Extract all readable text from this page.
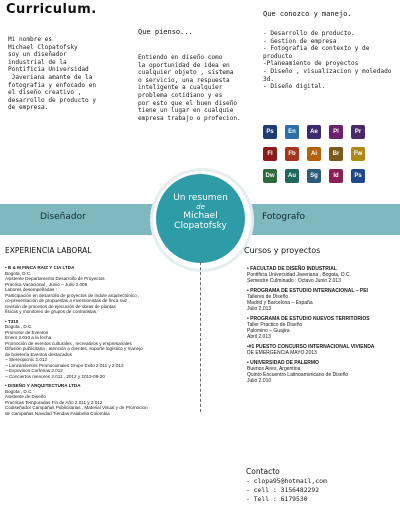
Curriculum.
Mi nombre es
Michael Clopatofsky
soy un diseñador
industrial de la
Pontificia Universidad
Javeriana amante de la
fotografia y enfocado en
el diseño creativo ,
desarrollo de producto y
de empresa.
Que pienso...
Entiendo en diseño como
la oportunidad de idea en
cualquier objeto , sistema
o servicio, una respuesta
inteligente a cualquier
problema cotidiano y es
por esto que el buen diseño
tiene un lugar en cualquie
empresa trabajo o profecion.
Que conozco y manejo.
- Desarrollo de producto.
- Gestion de empresa
- Fotografia de contexto y de
producto
-Planeamiento de proyectos
- Diseño , visualizacion y moledado
3d.
- Diseño digital.
Ps	En	Ae	Pl	Pr
Fl	Fb	Ai	Br	Fw
Dw	Au	Sg	Id	Ps
Diseñador	Fotografo
Un resumen
de
Michael
Clopatofsky
EXPERIENCIA LABORAL
• B & M FINCA RAIZ Y CIA LTDA
Bogota, D.C.
Asistente Departamento Desarrollo de Proyectos
Practica Vacacional , Junio – Julio 2.009
Labores desempeñadas :
Participación en desarrollo de proyectos de índole arquitectónico ,
co-presentación de propuestas a inversionistas de finca raiz ,
revisión de procesos de ejecución de obras de plantas
físicas y monitoreo de grupos de contratistas.
• T310
Bogota , D.C.
Promotor de Eventos
Enero 2.010 a la fecha
Promoción de eventos culturales , recreativos y empresariales
Difusión publicitaria , atención a clientes, soporte logístico y manejo
de boletería Eventos destacados
~ Stereopicnic 2.012
~ Lanzamientos Promocionales Grupo Éxito 2.011 y 2.012
~ Expovinos Corferias 2.012
~ Conciertos menores 2.011 , 2012 y 2013-09-20
• DISEÑO Y ARQUITECTURA LTDA
Bogota , D.C.
Asistente de Diseño
Practicas Temporadas Fin de Año 2.011 y 2.012
Codiseñador Campañas Publicitarias , Material Visual y de Promocion
de Campañas Navidad Tiendas Falabella Colombia
Cursos y proyectos
• FACULTAD DE DISEÑO INDUSTRIAL
Pontificia Universidad Javeriana , Bogota, D.C.
Semestre Culminado : Octavo Junio 2.013
• PROGRAMA DE ESTUDIO INTERNACIONAL – PEI
Talleres de Diseño
Madrid y Barcelona – España
Julio 2.013
• PROGRAMA DE ESTUDIO NUEVOS TERRITORIOS
Taller Practico de Diseño
Palomino – Guajira
Abril 2.013
•#1 PUESTO CONCURSO INTERNACIONAL VIVIENDA
DE EMERGENCIA MAYO 2013
• UNIVERSIDAD DE PALERMO
Buenos Aires, Argentina
Quinto Encuentro Latinoamericano de Diseño
Julio 2.010
Contacto
- clopa95@hotmail,com
- cell : 3156482292
- Tell : 6179530
